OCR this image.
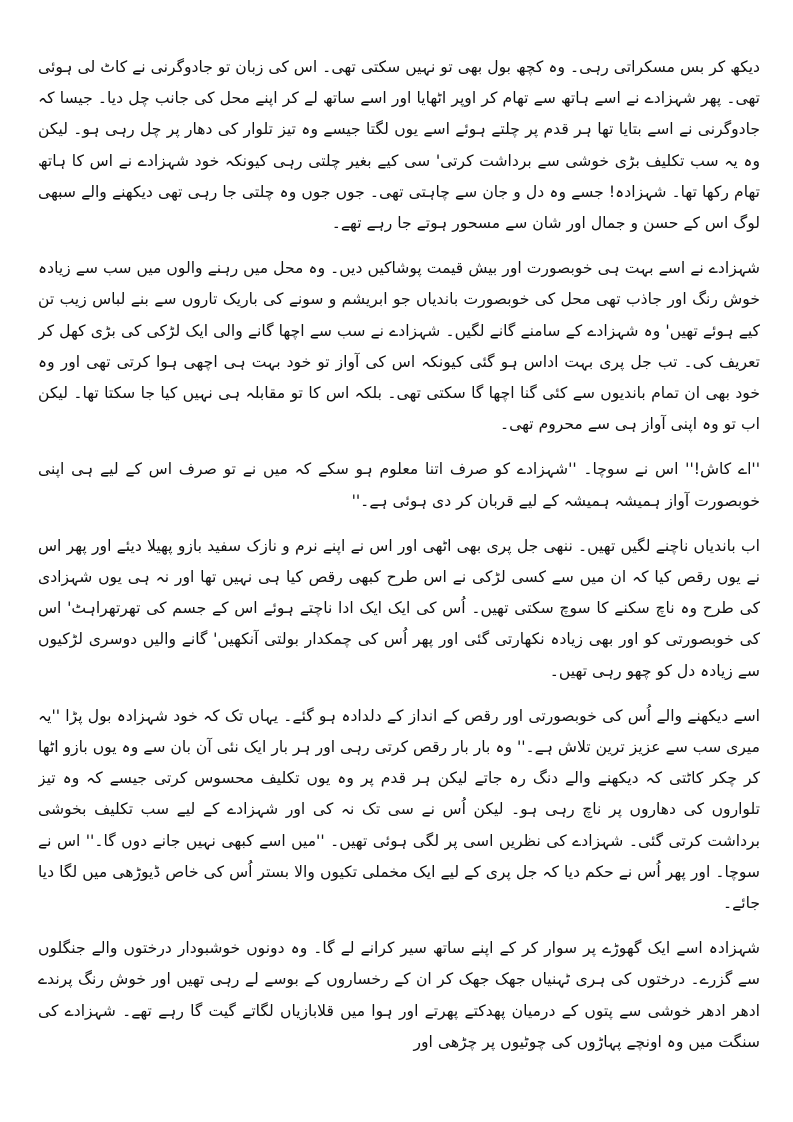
دیکھ کر بس مسکراتی رہی۔ وہ کچھ بول بھی تو نہیں سکتی تھی۔ اس کی زبان تو جادوگرنی نے کاٹ لی ہوئی تھی۔ پھر شہزادے نے اسے ہاتھ سے تھام کر اوپر اٹھایا اور اسے ساتھ لے کر اپنے محل کی جانب چل دیا۔ جیسا کہ جادوگرنی نے اسے بتایا تھا ہر قدم پر چلتے ہوئے اسے یوں لگتا جیسے وہ تیز تلوار کی دھار پر چل رہی ہو۔ لیکن وہ یہ سب تکلیف بڑی خوشی سے برداشت کرتی' سی کیے بغیر چلتی رہی کیونکہ خود شہزادے نے اس کا ہاتھ تھام رکھا تھا۔ شہزادہ! جسے وہ دل و جان سے چاہتی تھی۔ جوں جوں وہ چلتی جا رہی تھی دیکھنے والے سبھی لوگ اس کے حسن و جمال اور شان سے مسحور ہوتے جا رہے تھے۔

شہزادے نے اسے بہت ہی خوبصورت اور بیش قیمت پوشاکیں دیں۔ وہ محل میں رہنے والوں میں سب سے زیادہ خوش رنگ اور جاذب تھی محل کی خوبصورت باندیاں جو ابریشم و سونے کی باریک تاروں سے بنے لباس زیب تن کیے ہوئے تھیں' وہ شہزادے کے سامنے گانے لگیں۔ شہزادے نے سب سے اچھا گانے والی ایک لڑکی کی بڑی کھل کر تعریف کی۔ تب جل پری بہت اداس ہو گئی کیونکہ اس کی آواز تو خود بہت ہی اچھی ہوا کرتی تھی اور وہ خود بھی ان تمام باندیوں سے کئی گنا اچھا گا سکتی تھی۔ بلکہ اس کا تو مقابلہ ہی نہیں کیا جا سکتا تھا۔ لیکن اب تو وہ اپنی آواز ہی سے محروم تھی۔

''اے کاش!'' اس نے سوچا۔ ''شہزادے کو صرف اتنا معلوم ہو سکے کہ میں نے تو صرف اس کے لیے ہی اپنی خوبصورت آواز ہمیشہ ہمیشہ کے لیے قربان کر دی ہوئی ہے۔''

اب باندیاں ناچنے لگیں تھیں۔ ننھی جل پری بھی اٹھی اور اس نے اپنے نرم و نازک سفید بازو پھیلا دیئے اور پھر اس نے یوں رقص کیا کہ ان میں سے کسی لڑکی نے اس طرح کبھی رقص کیا ہی نہیں تھا اور نہ ہی یوں شہزادی کی طرح وہ ناچ سکنے کا سوچ سکتی تھیں۔ اُس کی ایک ایک ادا ناچتے ہوئے اس کے جسم کی تھرتھراہٹ' اس کی خوبصورتی کو اور بھی زیادہ نکھارتی گئی اور پھر اُس کی چمکدار بولتی آنکھیں' گانے والیں دوسری لڑکیوں سے زیادہ دل کو چھو رہی تھیں۔

اسے دیکھنے والے اُس کی خوبصورتی اور رقص کے انداز کے دلدادہ ہو گئے۔ یہاں تک کہ خود شہزادہ بول پڑا ''یہ میری سب سے عزیز ترین تلاش ہے۔'' وہ بار بار رقص کرتی رہی اور ہر بار ایک نئی آن بان سے وہ یوں بازو اٹھا کر چکر کاٹتی کہ دیکھنے والے دنگ رہ جاتے لیکن ہر قدم پر وہ یوں تکلیف محسوس کرتی جیسے کہ وہ تیز تلواروں کی دھاروں پر ناچ رہی ہو۔ لیکن اُس نے سی تک نہ کی اور شہزادے کے لیے سب تکلیف بخوشی برداشت کرتی گئی۔ شہزادے کی نظریں اسی پر لگی ہوئی تھیں۔ ''میں اسے کبھی نہیں جانے دوں گا۔'' اس نے سوچا۔ اور پھر اُس نے حکم دیا کہ جل پری کے لیے ایک مخملی تکیوں والا بستر اُس کی خاص ڈیوڑھی میں لگا دیا جائے۔

شہزادہ اسے ایک گھوڑے پر سوار کر کے اپنے ساتھ سیر کرانے لے گا۔ وہ دونوں خوشبودار درختوں والے جنگلوں سے گزرے۔ درختوں کی ہری ٹہنیاں جھک جھک کر ان کے رخساروں کے بوسے لے رہی تھیں اور خوش رنگ پرندے ادھر ادھر خوشی سے پتوں کے درمیان پھدکتے پھرتے اور ہوا میں قلابازیاں لگاتے گیت گا رہے تھے۔ شہزادے کی سنگت میں وہ اونچے پہاڑوں کی چوٹیوں پر چڑھی اور
